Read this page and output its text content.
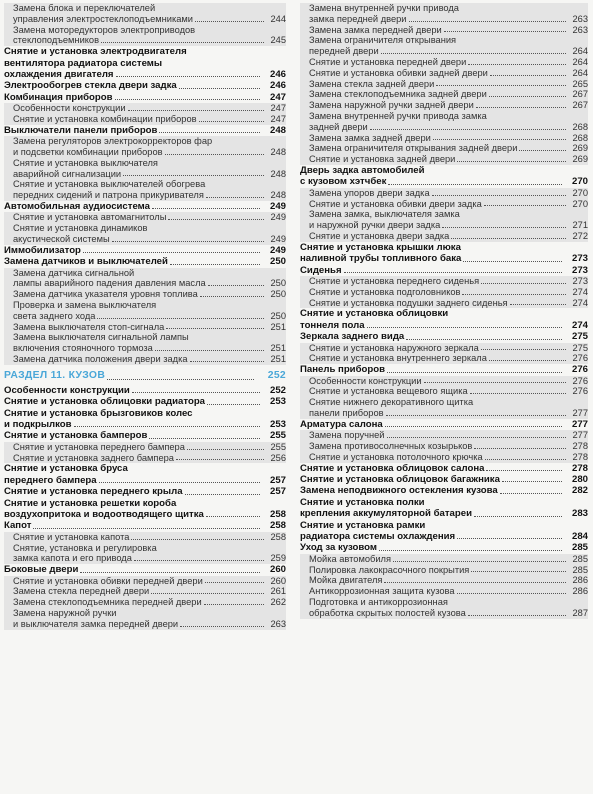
Замена блока и переключателей
управления электростеклоподъемниками	244
Замена моторедукторов электроприводов
стеклоподъемников	245
Снятие и установка электродвигателя
вентилятора радиатора системы
охлаждения двигателя	246
Электрообогрев стекла двери задка	246
Комбинация приборов	247
Особенности конструкции	247
Снятие и установка комбинации приборов	247
Выключатели панели приборов	248
Замена регуляторов электрокорректоров фар
и подсветки комбинации приборов	248
Снятие и установка выключателя
аварийной сигнализации	248
Снятие и установка выключателей обогрева
передних сидений и патрона прикуривателя	248
Автомобильная аудиосистема	249
Снятие и установка автомагнитолы	249
Снятие и установка динамиков
акустической системы	249
Иммобилизатор	249
Замена датчиков и выключателей	250
Замена датчика сигнальной
лампы аварийного падения давления масла	250
Замена датчика указателя уровня топлива	250
Проверка и замена выключателя
света заднего хода	250
Замена выключателя стоп-сигнала	251
Замена выключателя сигнальной лампы
включения стояночного тормоза	251
Замена датчика положения двери задка	251
РАЗДЕЛ 11. КУЗОВ	252
Особенности конструкции	252
Снятие и установка облицовки радиатора	253
Снятие и установка брызговиков колес
и подкрылков	253
Снятие и установка бамперов	255
Снятие и установка переднего бампера	255
Снятие и установка заднего бампера	256
Снятие и установка бруса
переднего бампера	257
Снятие и установка переднего крыла	257
Снятие и установка решетки короба
воздухопритока и водоотводящего щитка	258
Капот	258
Снятие и установка капота	258
Снятие, установка и регулировка
замка капота и его привода	259
Боковые двери	260
Снятие и установка обивки передней двери	260
Замена стекла передней двери	261
Замена стеклоподъемника передней двери	262
Замена наружной ручки
и выключателя замка передней двери	263
Замена внутренней ручки привода
замка передней двери	263
Замена замка передней двери	263
Замена ограничителя открывания
передней двери	264
Снятие и установка передней двери	264
Снятие и установка обивки задней двери	264
Замена стекла задней двери	265
Замена стеклоподъемника задней двери	267
Замена наружной ручки задней двери	267
Замена внутренней ручки привода замка
задней двери	268
Замена замка задней двери	268
Замена ограничителя открывания задней двери	269
Снятие и установка задней двери	269
Дверь задка автомобилей
с кузовом хэтчбек	270
Замена упоров двери задка	270
Снятие и установка обивки двери задка	270
Замена замка, выключателя замка
и наружной ручки двери задка	271
Снятие и установка двери задка	272
Снятие и установка крышки люка
наливной трубы топливного бака	273
Сиденья	273
Снятие и установка переднего сиденья	273
Снятие и установка подголовников	274
Снятие и установка подушки заднего сиденья	274
Снятие и установка облицовки
тоннеля пола	274
Зеркала заднего вида	275
Снятие и установка наружного зеркала	275
Снятие и установка внутреннего зеркала	276
Панель приборов	276
Особенности конструкции	276
Снятие и установка вещевого ящика	276
Снятие нижнего декоративного щитка
панели приборов	277
Арматура салона	277
Замена поручней	277
Замена противосолнечных козырьков	278
Снятие и установка потолочного крючка	278
Снятие и установка облицовок салона	278
Снятие и установка облицовок багажника	280
Замена неподвижного остекления кузова	282
Снятие и установка полки
крепления аккумуляторной батареи	283
Снятие и установка рамки
радиатора системы охлаждения	284
Уход за кузовом	285
Мойка автомобиля	285
Полировка лакокрасочного покрытия	285
Мойка двигателя	286
Антикоррозионная защита кузова	286
Подготовка и антикоррозионная
обработка скрытых полостей кузова	287
